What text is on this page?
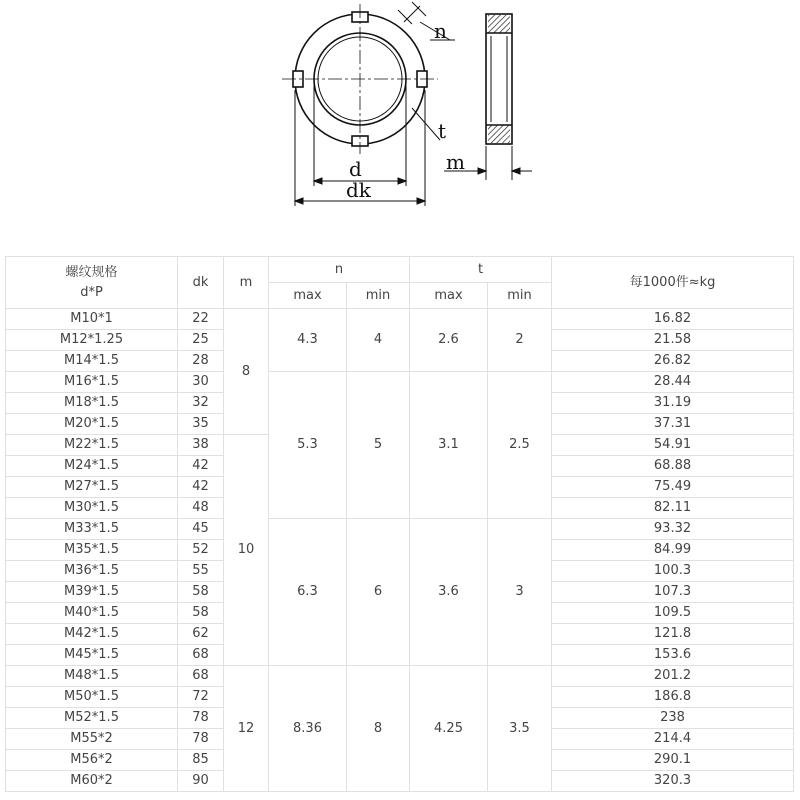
n
t
d
dk
m
螺纹规格
d*P	dk	m	n		t		每1000件≈kg
			max	min	max	min	
M10*1	22	8	4.3	4	2.6	2	16.82
M12*1.25	25						21.58
M14*1.5	28						26.82
M16*1.5	30		5.3	5	3.1	2.5	28.44
M18*1.5	32						31.19
M20*1.5	35						37.31
M22*1.5	38	10					54.91
M24*1.5	42						68.88
M27*1.5	42						75.49
M30*1.5	48						82.11
M33*1.5	45		6.3	6	3.6	3	93.32
M35*1.5	52						84.99
M36*1.5	55						100.3
M39*1.5	58						107.3
M40*1.5	58						109.5
M42*1.5	62						121.8
M45*1.5	68						153.6
M48*1.5	68	12	8.36	8	4.25	3.5	201.2
M50*1.5	72						186.8
M52*1.5	78						238
M55*2	78						214.4
M56*2	85						290.1
M60*2	90						320.3
